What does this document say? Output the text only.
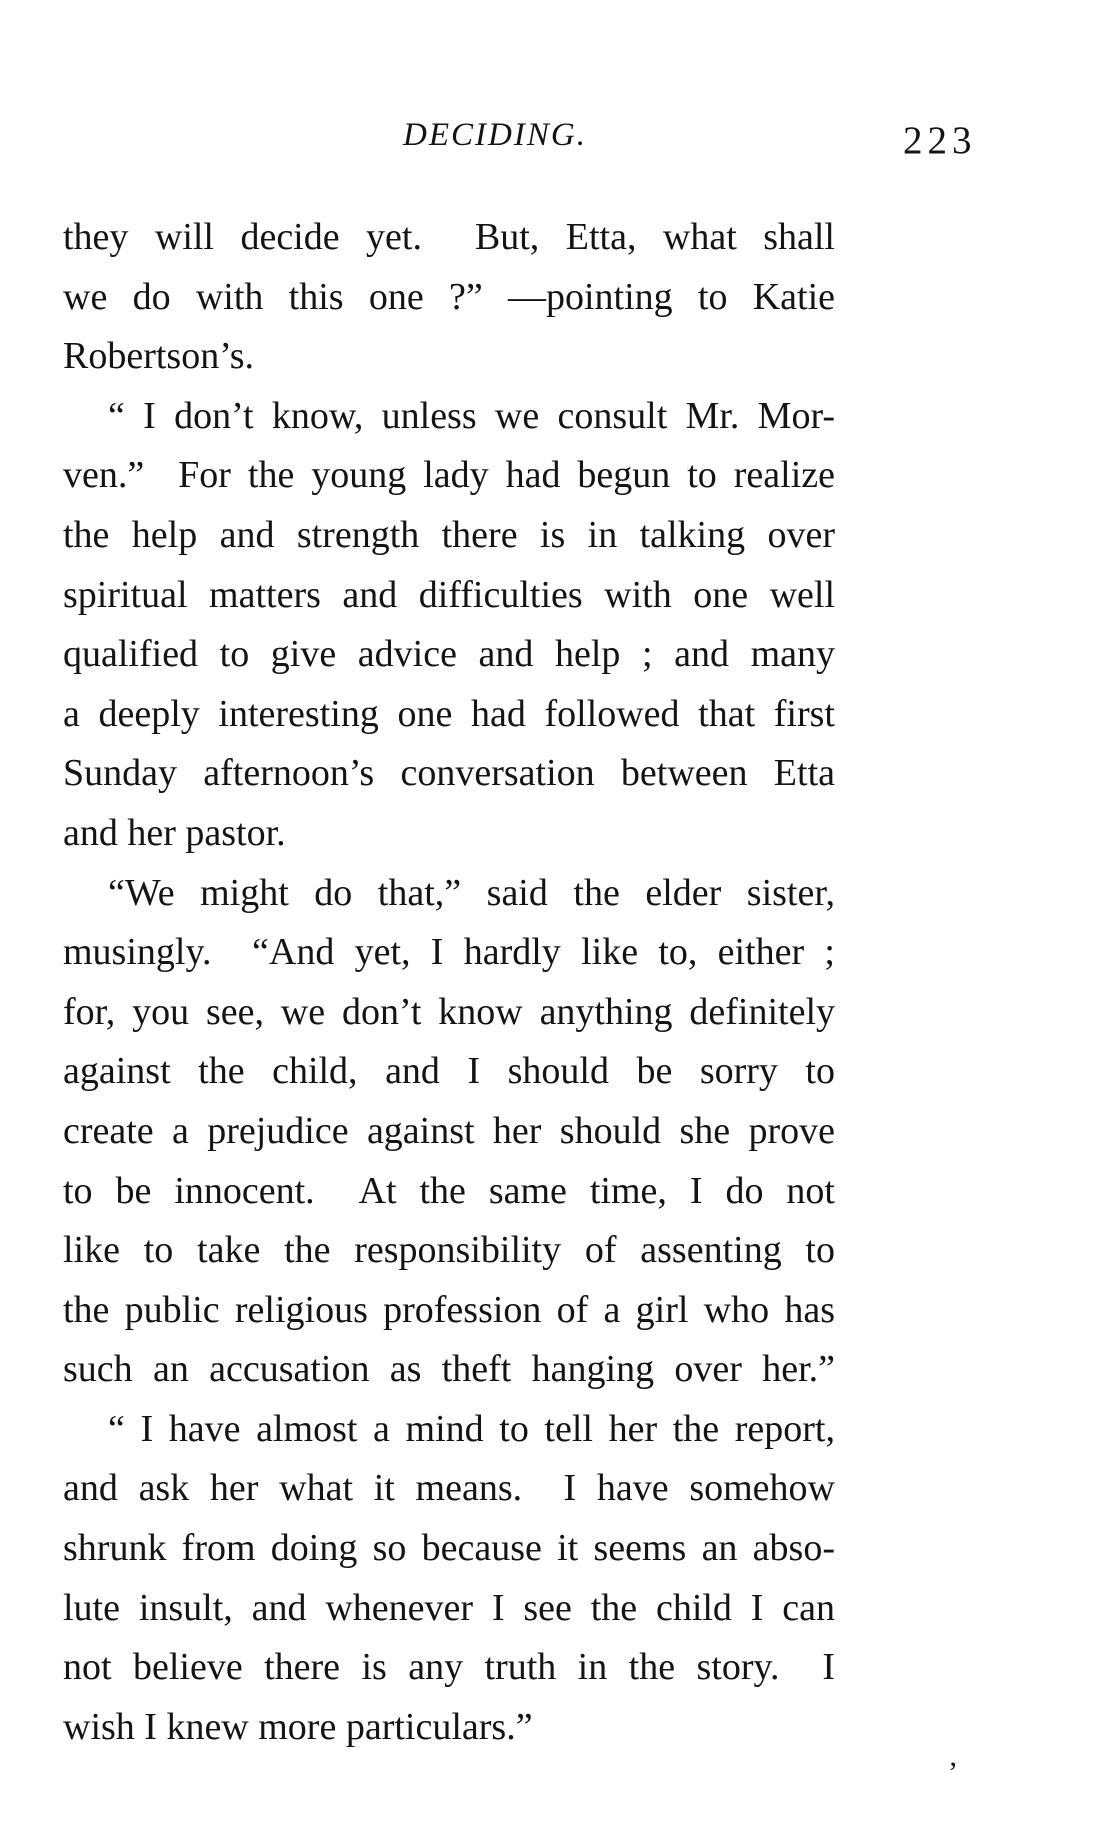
DECIDING.	223
they will decide yet.  But, Etta, what shall
we do with this one ?” —pointing to Katie
Robertson’s.
“ I don’t know, unless we consult Mr. Mor-
ven.”  For the young lady had begun to realize
the help and strength there is in talking over
spiritual matters and difficulties with one well
qualified to give advice and help ; and many
a deeply interesting one had followed that first
Sunday afternoon’s conversation between Etta
and her pastor.
“We might do that,” said the elder sister,
musingly.  “And yet, I hardly like to, either ;
for, you see, we don’t know anything definitely
against the child, and I should be sorry to
create a prejudice against her should she prove
to be innocent.  At the same time, I do not
like to take the responsibility of assenting to
the public religious profession of a girl who has
such an accusation as theft hanging over her.”
“ I have almost a mind to tell her the report,
and ask her what it means.  I have somehow
shrunk from doing so because it seems an abso-
lute insult, and whenever I see the child I can
not believe there is any truth in the story.  I
wish I knew more particulars.”
’
